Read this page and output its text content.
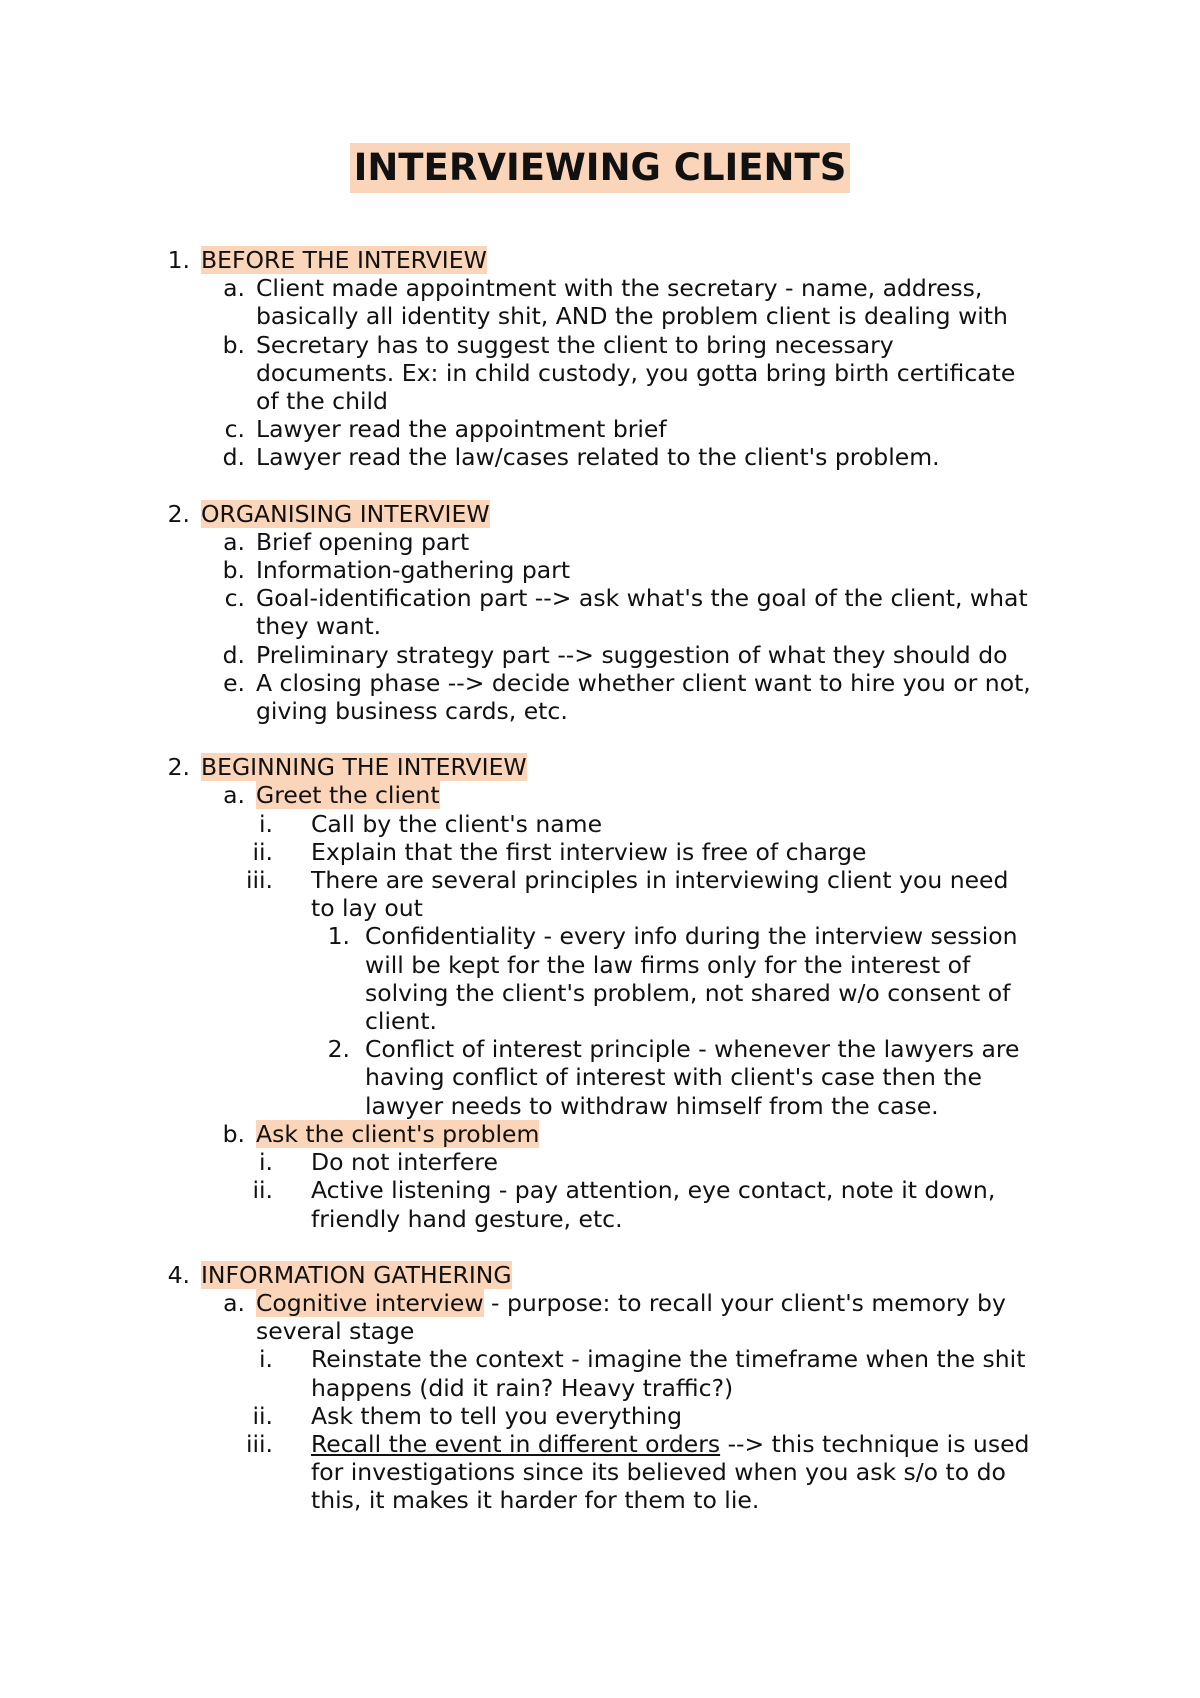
INTERVIEWING CLIENTS
1. BEFORE THE INTERVIEW
a. Client made appointment with the secretary - name, address,
basically all identity shit, AND the problem client is dealing with
b. Secretary has to suggest the client to bring necessary
documents. Ex: in child custody, you gotta bring birth certificate
of the child
c. Lawyer read the appointment brief
d. Lawyer read the law/cases related to the client's problem.
2. ORGANISING INTERVIEW
a. Brief opening part
b. Information-gathering part
c. Goal-identification part --> ask what's the goal of the client, what
they want.
d. Preliminary strategy part --> suggestion of what they should do
e. A closing phase --> decide whether client want to hire you or not,
giving business cards, etc.
2. BEGINNING THE INTERVIEW
a. Greet the client
i. Call by the client's name
ii. Explain that the first interview is free of charge
iii. There are several principles in interviewing client you need
to lay out
1. Confidentiality - every info during the interview session
will be kept for the law firms only for the interest of
solving the client's problem, not shared w/o consent of
client.
2. Conflict of interest principle - whenever the lawyers are
having conflict of interest with client's case then the
lawyer needs to withdraw himself from the case.
b. Ask the client's problem
i. Do not interfere
ii. Active listening - pay attention, eye contact, note it down,
friendly hand gesture, etc.
4. INFORMATION GATHERING
a. Cognitive interview - purpose: to recall your client's memory by
several stage
i. Reinstate the context - imagine the timeframe when the shit
happens (did it rain? Heavy traffic?)
ii. Ask them to tell you everything
iii. Recall the event in different orders --> this technique is used
for investigations since its believed when you ask s/o to do
this, it makes it harder for them to lie.
